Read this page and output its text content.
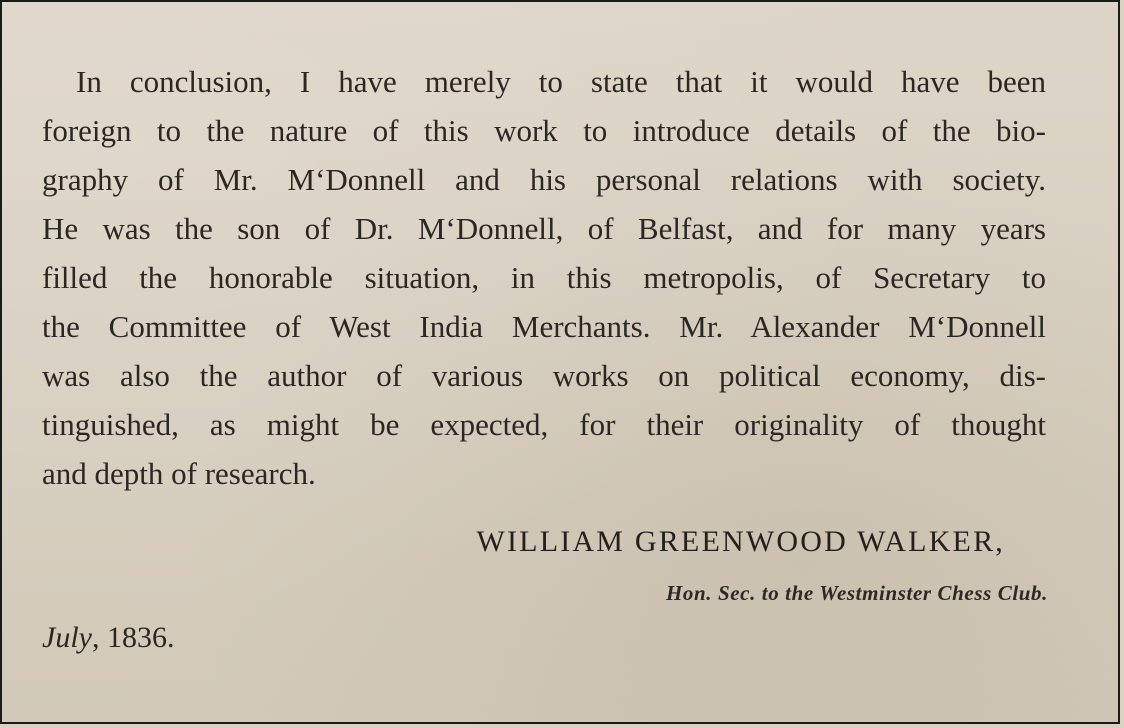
In conclusion, I have merely to state that it would have been
foreign to the nature of this work to introduce details of the bio-
graphy of Mr. M‘Donnell and his personal relations with society.
He was the son of Dr. M‘Donnell, of Belfast, and for many years
filled the honorable situation, in this metropolis, of Secretary to
the Committee of West India Merchants. Mr. Alexander M‘Donnell
was also the author of various works on political economy, dis-
tinguished, as might be expected, for their originality of thought
and depth of research.
WILLIAM GREENWOOD WALKER,
Hon. Sec. to the Westminster Chess Club.
July, 1836.
